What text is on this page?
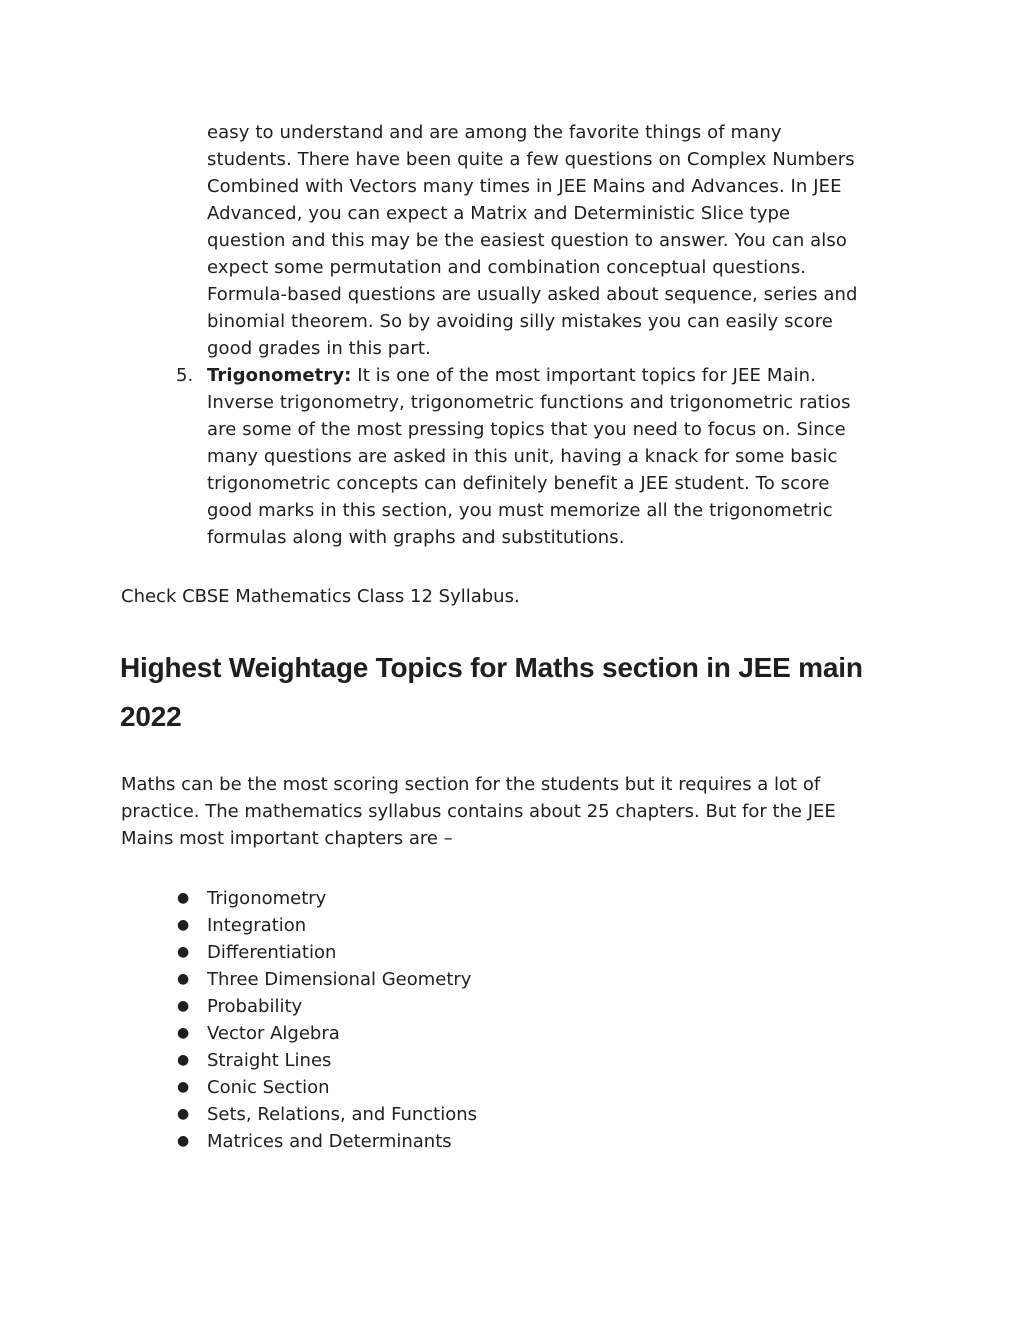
easy to understand and are among the favorite things of many

students. There have been quite a few questions on Complex Numbers

Combined with Vectors many times in JEE Mains and Advances. In JEE

Advanced, you can expect a Matrix and Deterministic Slice type

question and this may be the easiest question to answer. You can also

expect some permutation and combination conceptual questions.

Formula-based questions are usually asked about sequence, series and

binomial theorem. So by avoiding silly mistakes you can easily score

good grades in this part.

5. Trigonometry: It is one of the most important topics for JEE Main.

Inverse trigonometry, trigonometric functions and trigonometric ratios

are some of the most pressing topics that you need to focus on. Since

many questions are asked in this unit, having a knack for some basic

trigonometric concepts can definitely benefit a JEE student. To score

good marks in this section, you must memorize all the trigonometric

formulas along with graphs and substitutions.

Check CBSE Mathematics Class 12 Syllabus.

Highest Weightage Topics for Maths section in JEE main
2022

Maths can be the most scoring section for the students but it requires a lot of
practice. The mathematics syllabus contains about 25 chapters. But for the JEE
Mains most important chapters are –

● Trigonometry
● Integration
● Differentiation
● Three Dimensional Geometry
● Probability
● Vector Algebra
● Straight Lines
● Conic Section
● Sets, Relations, and Functions
● Matrices and Determinants
